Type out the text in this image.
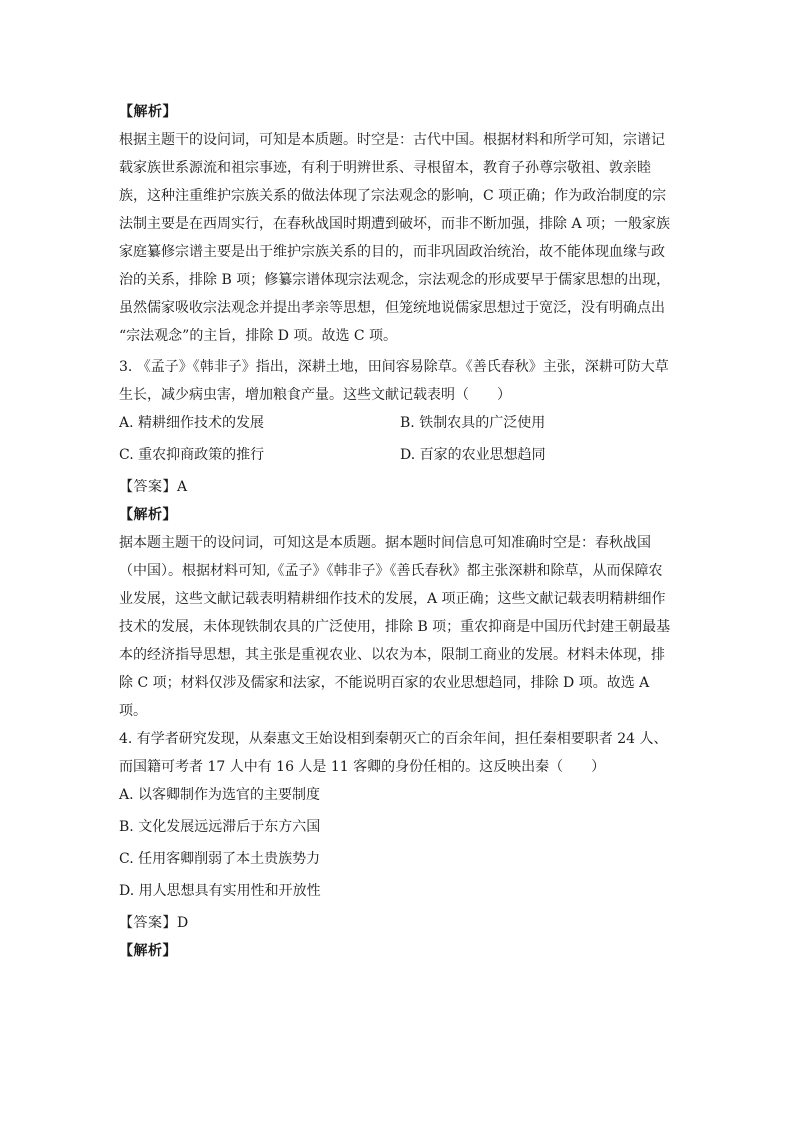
【解析】
根据主题干的设问词，可知是本质题。时空是：古代中国。根据材料和所学可知，宗谱记
载家族世系源流和祖宗事迹，有利于明辨世系、寻根留本，教育子孙尊宗敬祖、敦亲睦
族，这种注重维护宗族关系的做法体现了宗法观念的影响，C 项正确；作为政治制度的宗
法制主要是在西周实行，在春秋战国时期遭到破坏，而非不断加强，排除 A 项；一般家族
家庭纂修宗谱主要是出于维护宗族关系的目的，而非巩固政治统治，故不能体现血缘与政
治的关系，排除 B 项；修纂宗谱体现宗法观念，宗法观念的形成要早于儒家思想的出现，
虽然儒家吸收宗法观念并提出孝亲等思想，但笼统地说儒家思想过于宽泛，没有明确点出
“宗法观念”的主旨，排除 D 项。故选 C 项。
3. 《孟子》《韩非子》指出，深耕土地，田间容易除草。《善氏春秋》主张，深耕可防大草
生长，减少病虫害，增加粮食产量。这些文献记载表明（　　）
A. 精耕细作技术的发展	B. 铁制农具的广泛使用
C. 重农抑商政策的推行	D. 百家的农业思想趋同
【答案】A
【解析】
据本题主题干的设问词，可知这是本质题。据本题时间信息可知准确时空是：春秋战国
（中国）。根据材料可知,《孟子》《韩非子》《善氏春秋》都主张深耕和除草，从而保障农
业发展，这些文献记载表明精耕细作技术的发展，A 项正确；这些文献记载表明精耕细作
技术的发展，未体现铁制农具的广泛使用，排除 B 项；重农抑商是中国历代封建王朝最基
本的经济指导思想，其主张是重视农业、以农为本，限制工商业的发展。材料未体现，排
除 C 项；材料仅涉及儒家和法家，不能说明百家的农业思想趋同，排除 D 项。故选 A
项。
4. 有学者研究发现，从秦惠文王始设相到秦朝灭亡的百余年间，担任秦相要职者 24 人、
而国籍可考者 17 人中有 16 人是 11 客卿的身份任相的。这反映出秦（　　）
A. 以客卿制作为选官的主要制度
B. 文化发展远远滞后于东方六国
C. 任用客卿削弱了本土贵族势力
D. 用人思想具有实用性和开放性
【答案】D
【解析】
